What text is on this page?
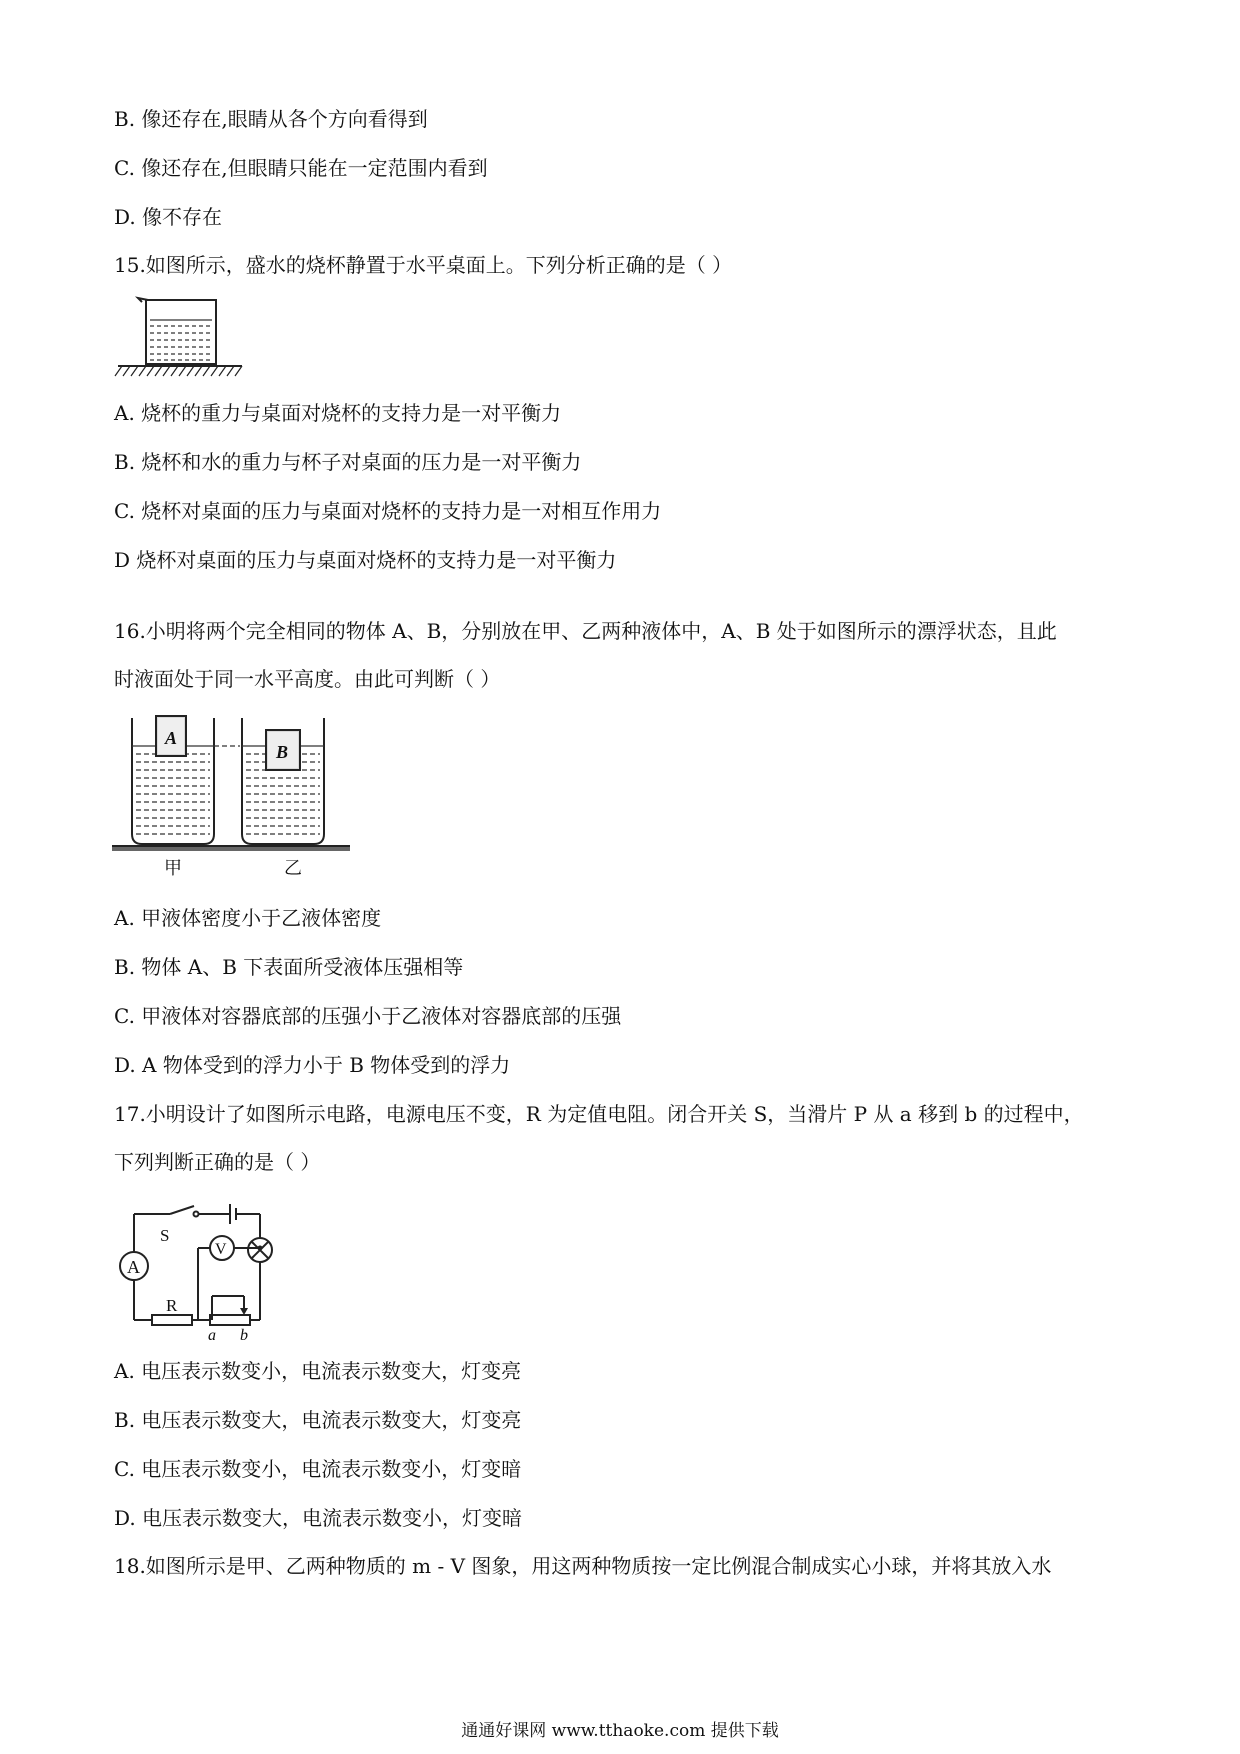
B. 像还存在,眼睛从各个方向看得到
C. 像还存在,但眼睛只能在一定范围内看到
D. 像不存在
15.如图所示，盛水的烧杯静置于水平桌面上。下列分析正确的是（ ）
A. 烧杯的重力与桌面对烧杯的支持力是一对平衡力
B. 烧杯和水的重力与杯子对桌面的压力是一对平衡力
C. 烧杯对桌面的压力与桌面对烧杯的支持力是一对相互作用力
D 烧杯对桌面的压力与桌面对烧杯的支持力是一对平衡力
16.小明将两个完全相同的物体 A、B，分别放在甲、乙两种液体中，A、B 处于如图所示的漂浮状态，且此
时液面处于同一水平高度。由此可判断（ ）
A
B
甲	乙
A. 甲液体密度小于乙液体密度
B. 物体 A、B 下表面所受液体压强相等
C. 甲液体对容器底部的压强小于乙液体对容器底部的压强
D. A 物体受到的浮力小于 B 物体受到的浮力
17.小明设计了如图所示电路，电源电压不变，R 为定值电阻。闭合开关 S，当滑片 P 从 a 移到 b 的过程中，
下列判断正确的是（ ）
S
A
V
R
a b
A. 电压表示数变小，电流表示数变大，灯变亮
B. 电压表示数变大，电流表示数变大，灯变亮
C. 电压表示数变小，电流表示数变小，灯变暗
D. 电压表示数变大，电流表示数变小，灯变暗
18.如图所示是甲、乙两种物质的 m - V 图象，用这两种物质按一定比例混合制成实心小球，并将其放入水
通通好课网 www.tthaoke.com 提供下载
